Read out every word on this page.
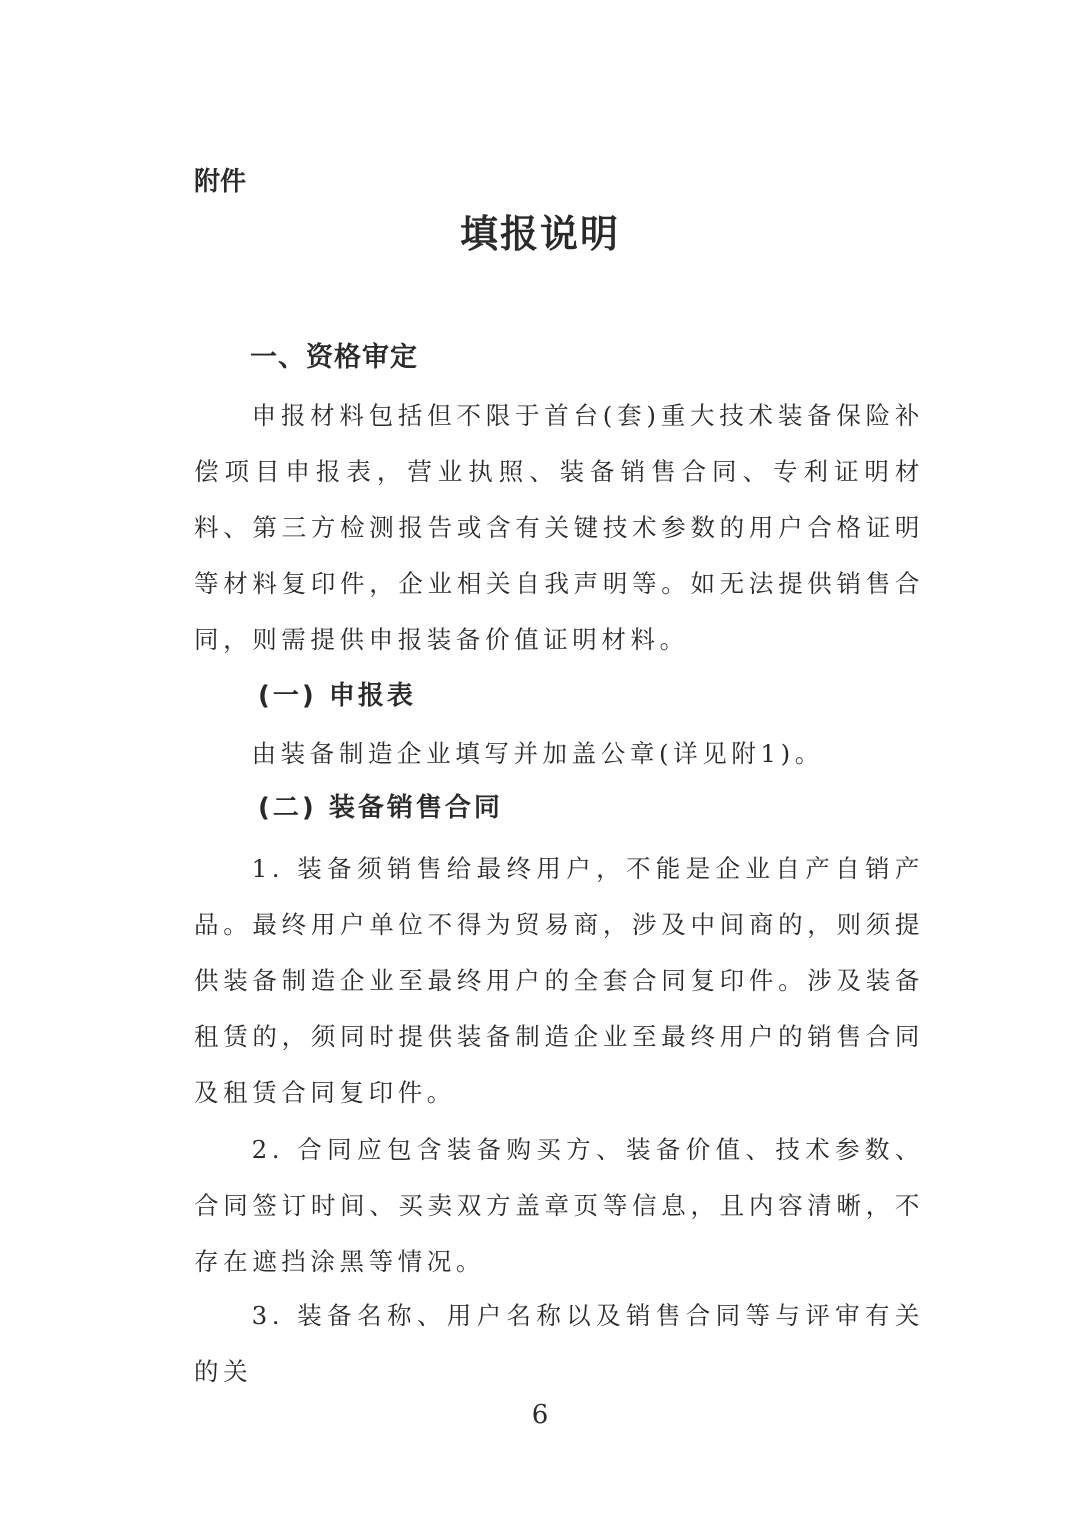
附件

填报说明
一、资格审定

申报材料包括但不限于首台(套)重大技术装备保险补偿项目申报表，营业执照、装备销售合同、专利证明材料、第三方检测报告或含有关键技术参数的用户合格证明等材料复印件，企业相关自我声明等。如无法提供销售合同，则需提供申报装备价值证明材料。

(一) 申报表

由装备制造企业填写并加盖公章(详见附1)。

(二) 装备销售合同

1. 装备须销售给最终用户，不能是企业自产自销产品。最终用户单位不得为贸易商，涉及中间商的，则须提供装备制造企业至最终用户的全套合同复印件。涉及装备租赁的，须同时提供装备制造企业至最终用户的销售合同及租赁合同复印件。

2. 合同应包含装备购买方、装备价值、技术参数、合同签订时间、买卖双方盖章页等信息，且内容清晰，不存在遮挡涂黑等情况。

3. 装备名称、用户名称以及销售合同等与评审有关的关

6
